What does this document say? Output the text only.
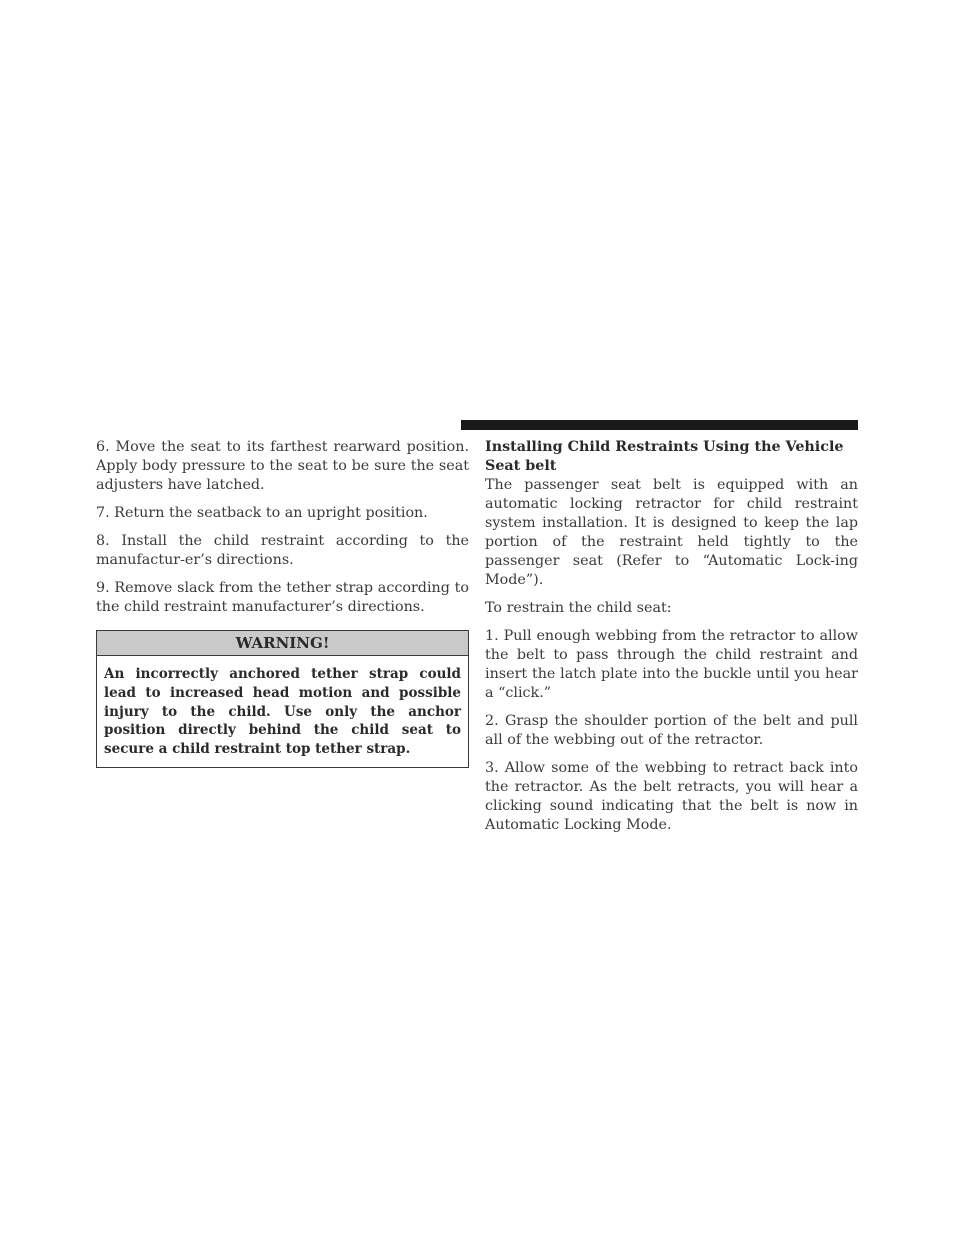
6. Move the seat to its farthest rearward position. Apply body pressure to the seat to be sure the seat adjusters have latched.

7. Return the seatback to an upright position.

8. Install the child restraint according to the manufactur-er’s directions.

9. Remove slack from the tether strap according to the child restraint manufacturer’s directions.

WARNING!
An incorrectly anchored tether strap could lead to increased head motion and possible injury to the child. Use only the anchor position directly behind the child seat to secure a child restraint top tether strap.
Installing Child Restraints Using the Vehicle Seat belt

The passenger seat belt is equipped with an automatic locking retractor for child restraint system installation. It is designed to keep the lap portion of the restraint held tightly to the passenger seat (Refer to “Automatic Lock-ing Mode”).

To restrain the child seat:

1. Pull enough webbing from the retractor to allow the belt to pass through the child restraint and insert the latch plate into the buckle until you hear a “click.”

2. Grasp the shoulder portion of the belt and pull all of the webbing out of the retractor.

3. Allow some of the webbing to retract back into the retractor. As the belt retracts, you will hear a clicking sound indicating that the belt is now in Automatic Locking Mode.
